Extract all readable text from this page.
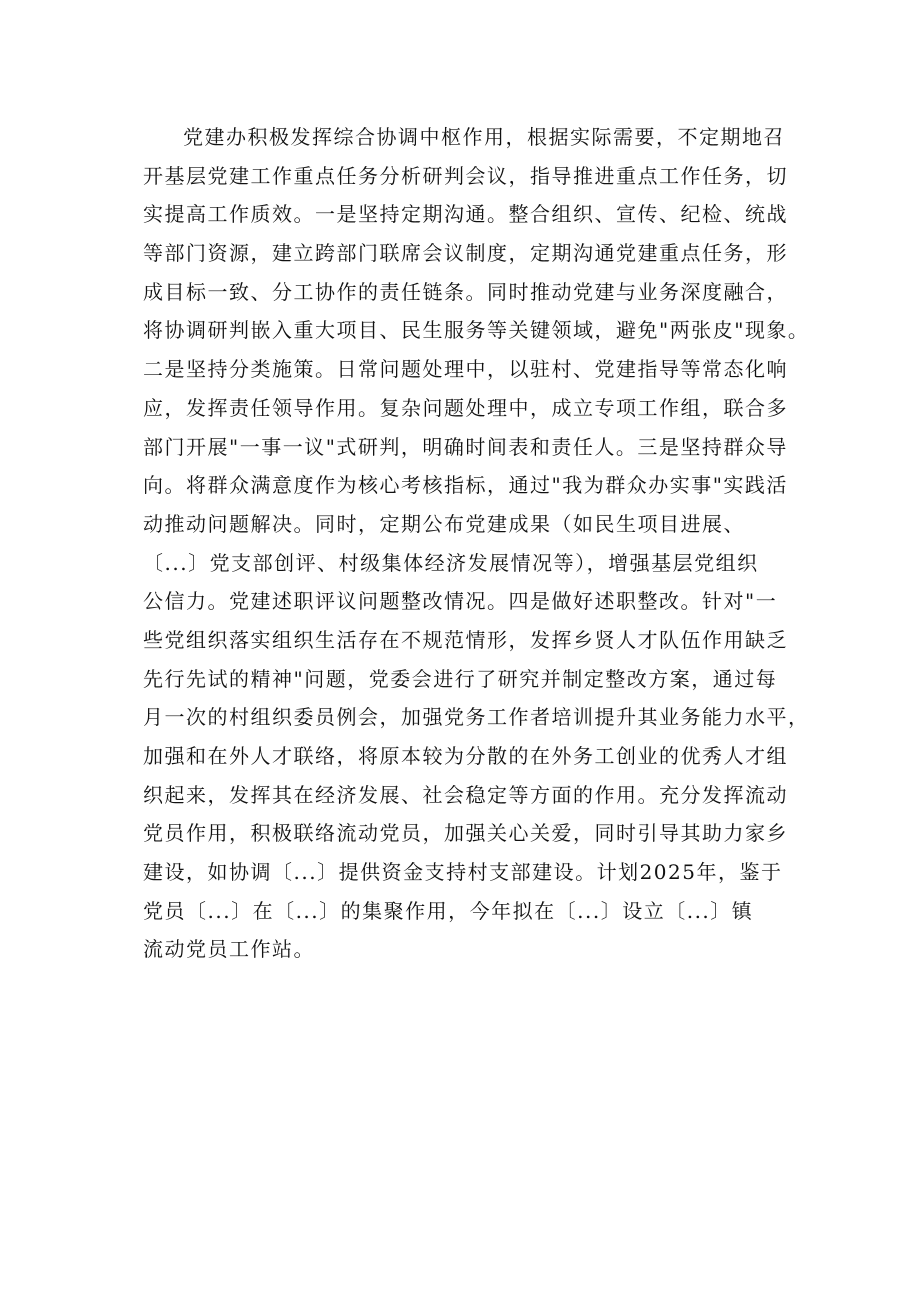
党建办积极发挥综合协调中枢作用，根据实际需要，不定期地召
开基层党建工作重点任务分析研判会议，指导推进重点工作任务，切
实提高工作质效。一是坚持定期沟通。整合组织、宣传、纪检、统战
等部门资源，建立跨部门联席会议制度，定期沟通党建重点任务，形
成目标一致、分工协作的责任链条。同时推动党建与业务深度融合，
将协调研判嵌入重大项目、民生服务等关键领域，避免"两张皮"现象。
二是坚持分类施策。日常问题处理中，以驻村、党建指导等常态化响
应，发挥责任领导作用。复杂问题处理中，成立专项工作组，联合多
部门开展"一事一议"式研判，明确时间表和责任人。三是坚持群众导
向。将群众满意度作为核心考核指标，通过"我为群众办实事"实践活
动推动问题解决。同时，定期公布党建成果（如民生项目进展、
〔...〕党支部创评、村级集体经济发展情况等），增强基层党组织
公信力。党建述职评议问题整改情况。四是做好述职整改。针对"一
些党组织落实组织生活存在不规范情形，发挥乡贤人才队伍作用缺乏
先行先试的精神"问题，党委会进行了研究并制定整改方案，通过每
月一次的村组织委员例会，加强党务工作者培训提升其业务能力水平，
加强和在外人才联络，将原本较为分散的在外务工创业的优秀人才组
织起来，发挥其在经济发展、社会稳定等方面的作用。充分发挥流动
党员作用，积极联络流动党员，加强关心关爱，同时引导其助力家乡
建设，如协调〔...〕提供资金支持村支部建设。计划2025年，鉴于
党员〔...〕在〔...〕的集聚作用，今年拟在〔...〕设立〔...〕镇
流动党员工作站。
